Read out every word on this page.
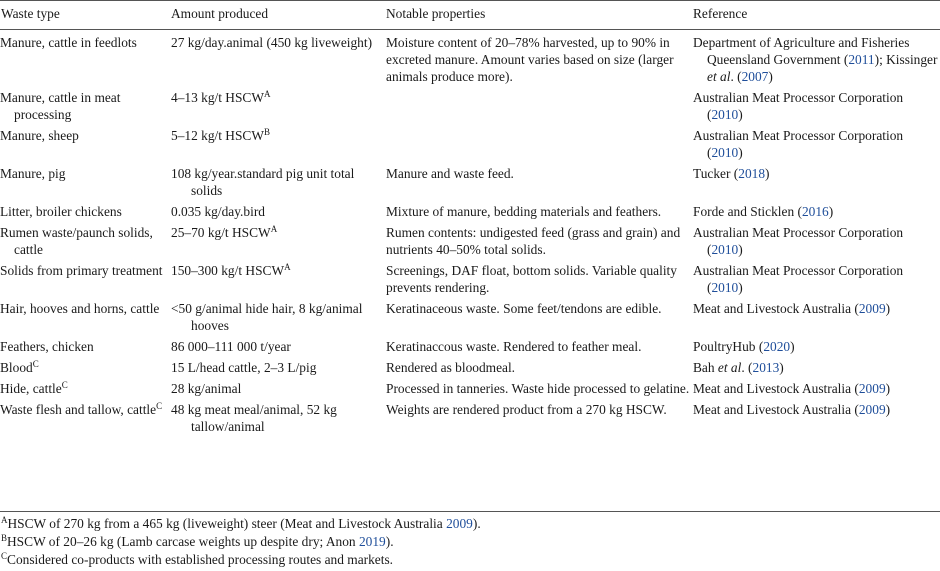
Waste type	Amount produced	Notable properties	Reference
Manure, cattle in feedlots	27 kg/day.animal (450 kg liveweight)	Moisture content of 20–78% harvested, up to 90% in excreted manure. Amount varies based on size (larger animals produce more).	Department of Agriculture and Fisheries Queensland Government (2011); Kissinger et al. (2007)
Manure, cattle in meat processing	4–13 kg/t $HSCW^A$		Australian Meat Processor Corporation (2010)
Manure, sheep	5–12 kg/t $HSCW^B$		Australian Meat Processor Corporation (2010)
Manure, pig	108 kg/year.standard pig unit total solids	Manure and waste feed.	Tucker (2018)
Litter, broiler chickens	0.035 kg/day.bird	Mixture of manure, bedding materials and feathers.	Forde and Sticklen (2016)
Rumen waste/paunch solids, cattle	25–70 kg/t $HSCW^A$	Rumen contents: undigested feed (grass and grain) and nutrients 40–50% total solids.	Australian Meat Processor Corporation (2010)
Solids from primary treatment	150–300 kg/t $HSCW^A$	Screenings, DAF float, bottom solids. Variable quality prevents rendering.	Australian Meat Processor Corporation (2010)
Hair, hooves and horns, cattle	<50 g/animal hide hair, 8 kg/animal hooves	Keratinaceous waste. Some feet/tendons are edible.	Meat and Livestock Australia (2009)
Feathers, chicken	86 000–111 000 t/year	Keratinaccous waste. Rendered to feather meal.	PoultryHub (2020)
Blood$^C$	15 L/head cattle, 2–3 L/pig	Rendered as bloodmeal.	Bah et al. (2013)
Hide, cattle$^C$	28 kg/animal	Processed in tanneries. Waste hide processed to gelatine.	Meat and Livestock Australia (2009)
Waste flesh and tallow, cattle$^C$	48 kg meat meal/animal, 52 kg tallow/animal	Weights are rendered product from a 270 kg HSCW.	Meat and Livestock Australia (2009)
$^A$HSCW of 270 kg from a 465 kg (liveweight) steer (Meat and Livestock Australia 2009).
$^B$HSCW of 20–26 kg (Lamb carcase weights up despite dry; Anon 2019).
$^C$Considered co-products with established processing routes and markets.
